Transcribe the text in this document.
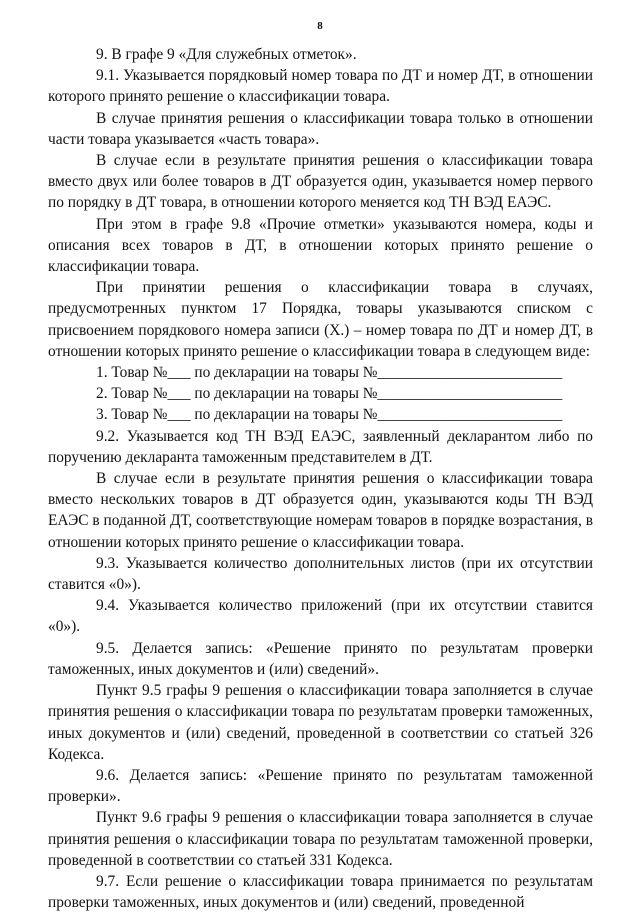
8

9. В графе 9 «Для служебных отметок».

9.1. Указывается порядковый номер товара по ДТ и номер ДТ, в отношении которого принято решение о классификации товара.

В случае принятия решения о классификации товара только в отношении части товара указывается «часть товара».

В случае если в результате принятия решения о классификации товара вместо двух или более товаров в ДТ образуется один, указывается номер первого по порядку в ДТ товара, в отношении которого меняется код ТН ВЭД ЕАЭС.

При этом в графе 9.8 «Прочие отметки» указываются номера, коды и описания всех товаров в ДТ, в отношении которых принято решение о классификации товара.

При принятии решения о классификации товара в случаях, предусмотренных пунктом 17 Порядка, товары указываются списком с присвоением порядкового номера записи (Х.) – номер товара по ДТ и номер ДТ, в отношении которых принято решение о классификации товара в следующем виде:

1. Товар №___ по декларации на товары №________________________

2. Товар №___ по декларации на товары №________________________

3. Товар №___ по декларации на товары №________________________

9.2. Указывается код ТН ВЭД ЕАЭС, заявленный декларантом либо по поручению декларанта таможенным представителем в ДТ.

В случае если в результате принятия решения о классификации товара вместо нескольких товаров в ДТ образуется один, указываются коды ТН ВЭД ЕАЭС в поданной ДТ, соответствующие номерам товаров в порядке возрастания, в отношении которых принято решение о классификации товара.

9.3. Указывается количество дополнительных листов (при их отсутствии ставится «0»).

9.4. Указывается количество приложений (при их отсутствии ставится «0»).

9.5. Делается запись: «Решение принято по результатам проверки таможенных, иных документов и (или) сведений».

Пункт 9.5 графы 9 решения о классификации товара заполняется в случае принятия решения о классификации товара по результатам проверки таможенных, иных документов и (или) сведений, проведенной в соответствии со статьей 326 Кодекса.

9.6. Делается запись: «Решение принято по результатам таможенной проверки».

Пункт 9.6 графы 9 решения о классификации товара заполняется в случае принятия решения о классификации товара по результатам таможенной проверки, проведенной в соответствии со статьей 331 Кодекса.

9.7. Если решение о классификации товара принимается по результатам проверки таможенных, иных документов и (или) сведений, проведенной
